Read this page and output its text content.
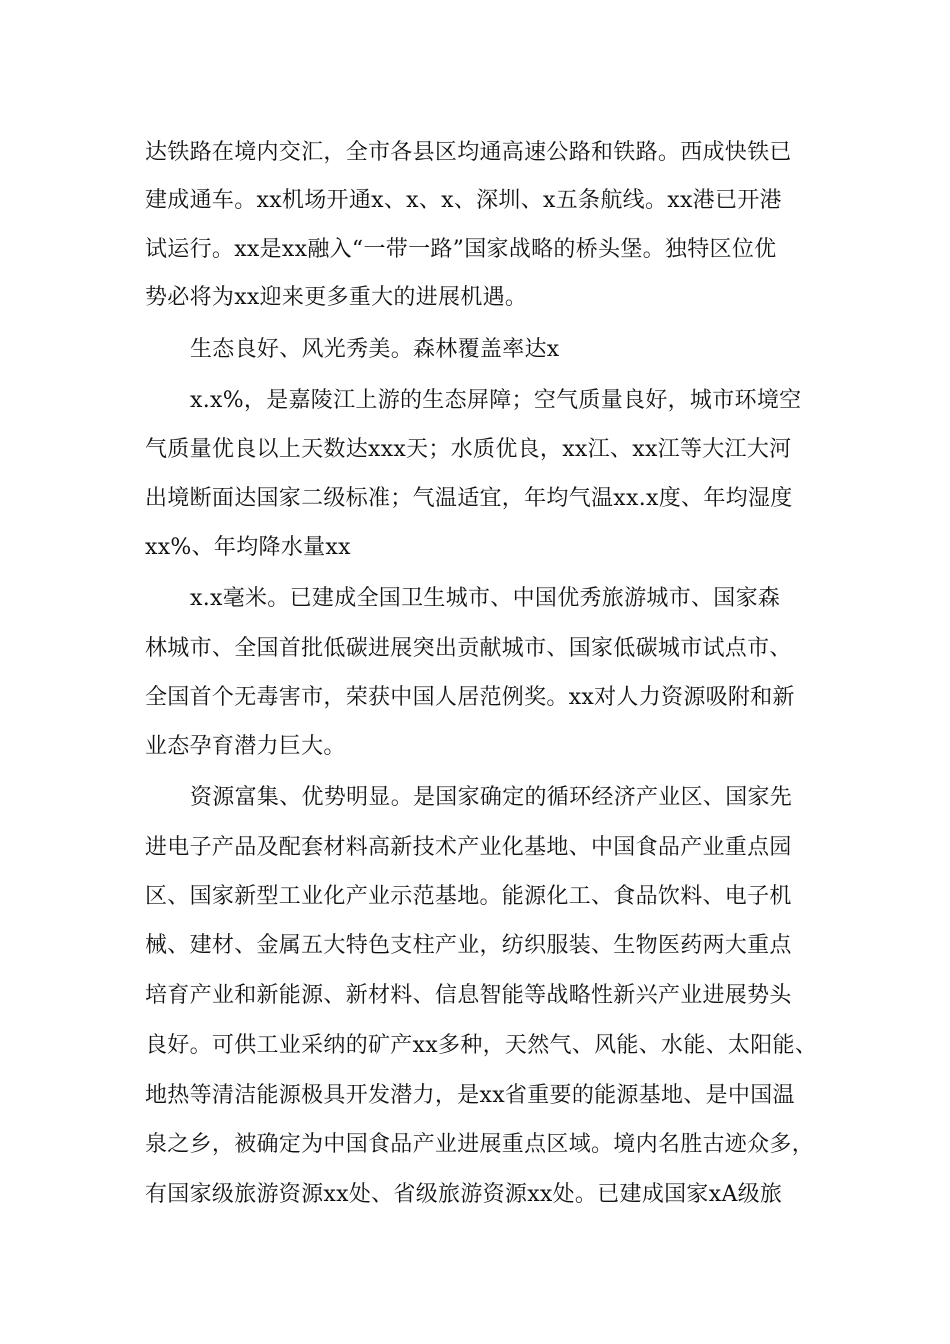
达铁路在境内交汇，全市各县区均通高速公路和铁路。西成快铁已
建成通车。xx机场开通x、x、x、深圳、x五条航线。xx港已开港
试运行。xx是xx融入“一带一路”国家战略的桥头堡。独特区位优
势必将为xx迎来更多重大的进展机遇。
生态良好、风光秀美。森林覆盖率达x
x.x%，是嘉陵江上游的生态屏障；空气质量良好，城市环境空
气质量优良以上天数达xxx天；水质优良，xx江、xx江等大江大河
出境断面达国家二级标准；气温适宜，年均气温xx.x度、年均湿度
xx%、年均降水量xx
x.x毫米。已建成全国卫生城市、中国优秀旅游城市、国家森
林城市、全国首批低碳进展突出贡献城市、国家低碳城市试点市、
全国首个无毒害市，荣获中国人居范例奖。xx对人力资源吸附和新
业态孕育潜力巨大。
资源富集、优势明显。是国家确定的循环经济产业区、国家先
进电子产品及配套材料高新技术产业化基地、中国食品产业重点园
区、国家新型工业化产业示范基地。能源化工、食品饮料、电子机
械、建材、金属五大特色支柱产业，纺织服装、生物医药两大重点
培育产业和新能源、新材料、信息智能等战略性新兴产业进展势头
良好。可供工业采纳的矿产xx多种，天然气、风能、水能、太阳能、
地热等清洁能源极具开发潜力，是xx省重要的能源基地、是中国温
泉之乡，被确定为中国食品产业进展重点区域。境内名胜古迹众多，
有国家级旅游资源xx处、省级旅游资源xx处。已建成国家xA级旅
